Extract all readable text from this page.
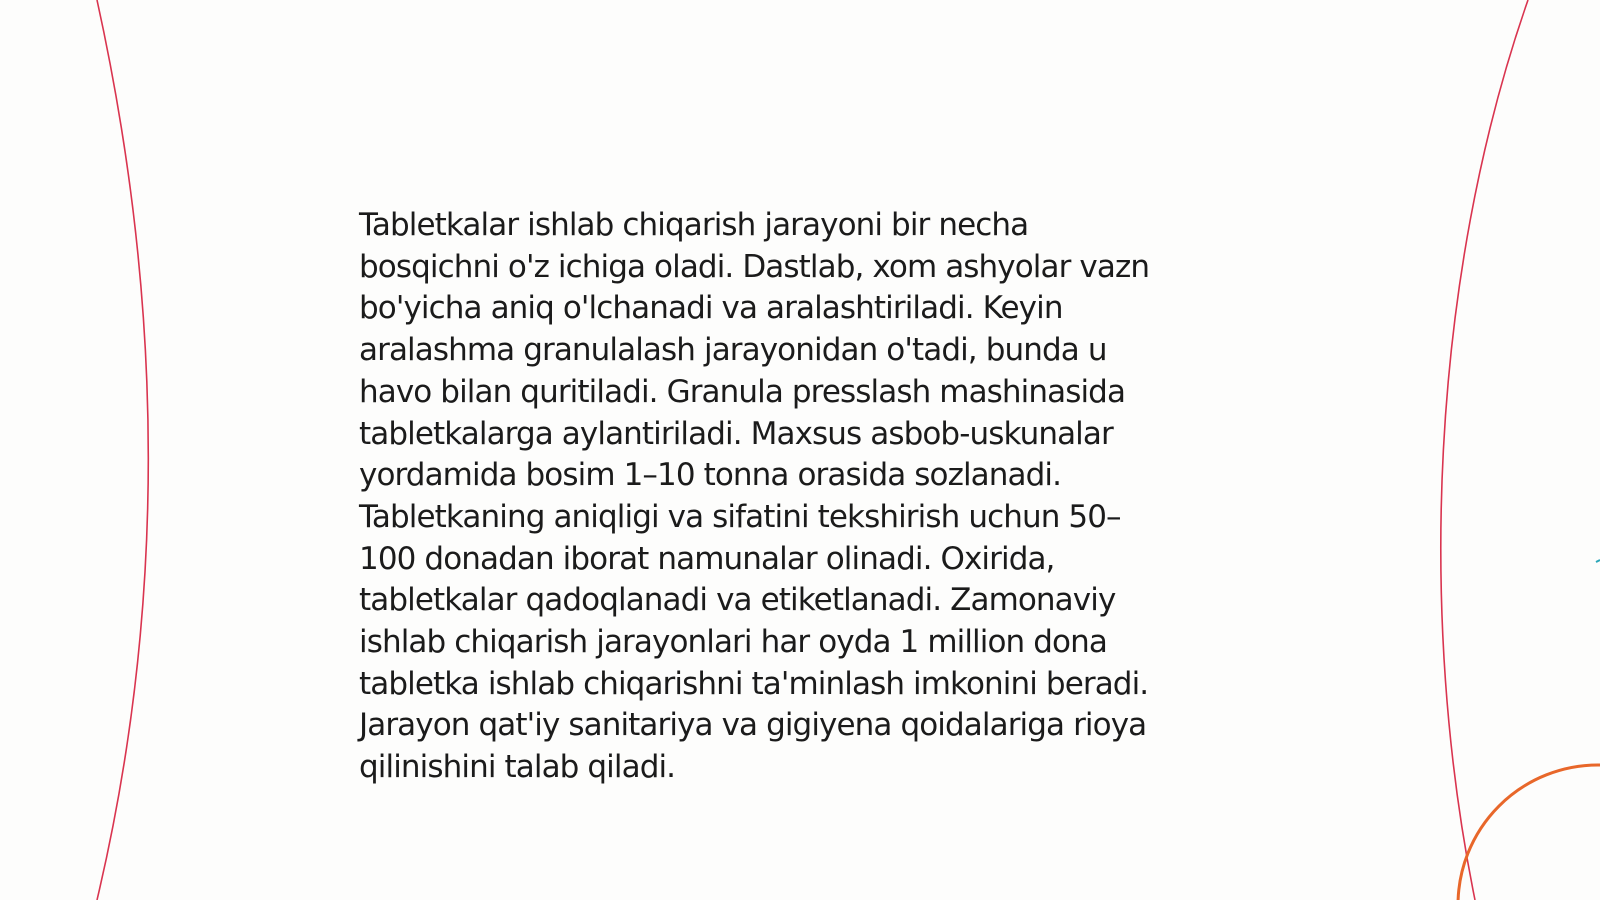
Tabletkalar ishlab chiqarish jarayoni bir necha
bosqichni o'z ichiga oladi. Dastlab, xom ashyolar vazn
bo'yicha aniq o'lchanadi va aralashtiriladi. Keyin
aralashma granulalash jarayonidan o'tadi, bunda u
havo bilan quritiladi. Granula presslash mashinasida
tabletkalarga aylantiriladi. Maxsus asbob-uskunalar
yordamida bosim 1–10 tonna orasida sozlanadi.
Tabletkaning aniqligi va sifatini tekshirish uchun 50–
100 donadan iborat namunalar olinadi. Oxirida,
tabletkalar qadoqlanadi va etiketlanadi. Zamonaviy
ishlab chiqarish jarayonlari har oyda 1 million dona
tabletka ishlab chiqarishni ta'minlash imkonini beradi.
Jarayon qat'iy sanitariya va gigiyena qoidalariga rioya
qilinishini talab qiladi.
